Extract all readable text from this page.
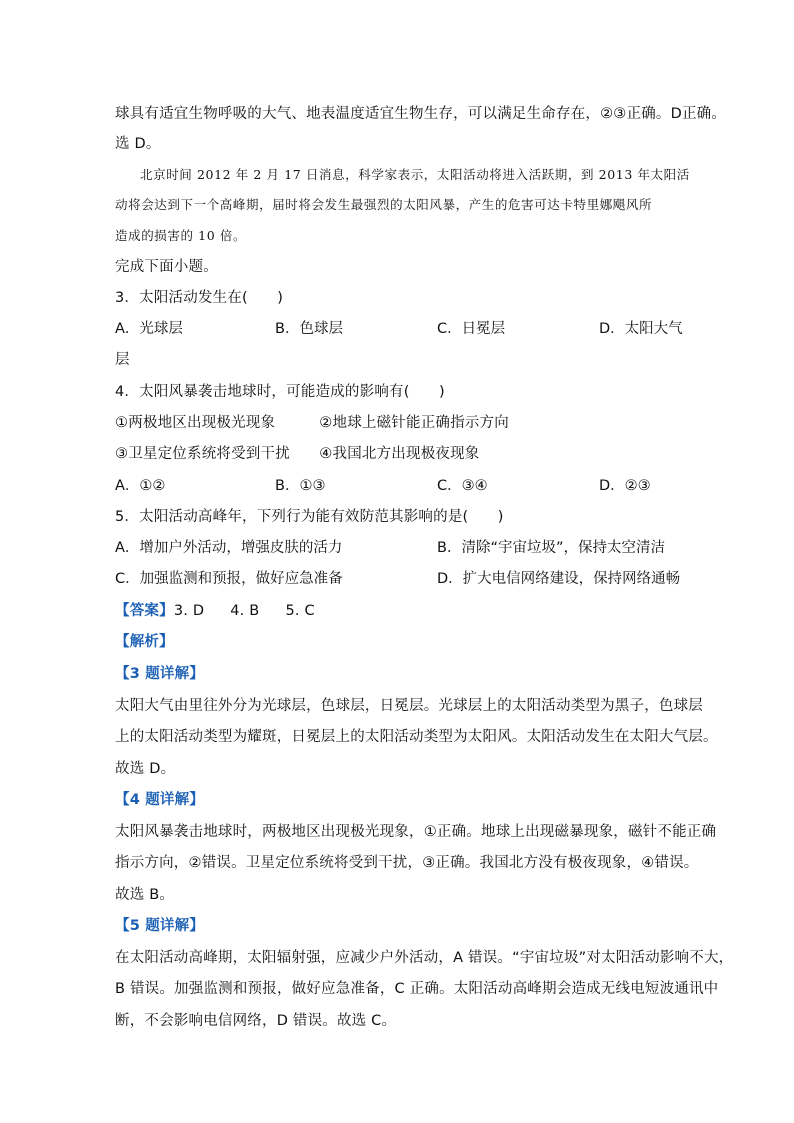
球具有适宜生物呼吸的大气、地表温度适宜生物生存，可以满足生命存在，②③正确。D正确。
选 D。
北京时间 2012 年 2 月 17 日消息，科学家表示，太阳活动将进入活跃期，到 2013 年太阳活
动将会达到下一个高峰期，届时将会发生最强烈的太阳风暴，产生的危害可达卡特里娜飓风所
造成的损害的 10 倍。
完成下面小题。
3．太阳活动发生在(　　)
A．光球层	B．色球层	C．日冕层	D．太阳大气
层
4．太阳风暴袭击地球时，可能造成的影响有(　　)
①两极地区出现极光现象　　　②地球上磁针能正确指示方向
③卫星定位系统将受到干扰　　④我国北方出现极夜现象
A．①②	B．①③	C．③④	D．②③
5．太阳活动高峰年，下列行为能有效防范其影响的是(　　)
A．增加户外活动，增强皮肤的活力	B．清除“宇宙垃圾”，保持太空清洁
C．加强监测和预报，做好应急准备	D．扩大电信网络建设，保持网络通畅
【答案】3. D 4. B 5. C
【解析】
【3 题详解】
太阳大气由里往外分为光球层，色球层，日冕层。光球层上的太阳活动类型为黑子，色球层
上的太阳活动类型为耀斑，日冕层上的太阳活动类型为太阳风。太阳活动发生在太阳大气层。
故选 D。
【4 题详解】
太阳风暴袭击地球时，两极地区出现极光现象，①正确。地球上出现磁暴现象，磁针不能正确
指示方向，②错误。卫星定位系统将受到干扰，③正确。我国北方没有极夜现象，④错误。
故选 B。
【5 题详解】
在太阳活动高峰期，太阳辐射强，应减少户外活动，A 错误。“宇宙垃圾”对太阳活动影响不大，
B 错误。加强监测和预报，做好应急准备，C 正确。太阳活动高峰期会造成无线电短波通讯中
断，不会影响电信网络，D 错误。故选 C。
